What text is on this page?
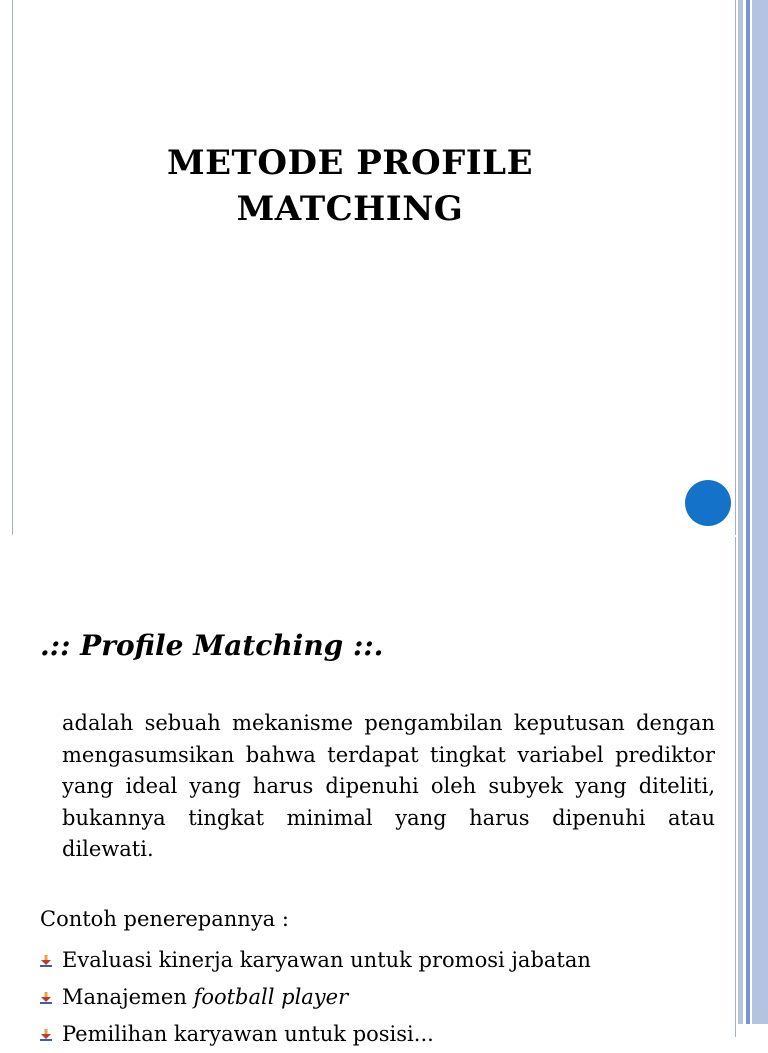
METODE PROFILE
MATCHING
.:: Profile Matching ::.
adalah sebuah mekanisme pengambilan keputusan dengan mengasumsikan bahwa terdapat tingkat variabel prediktor yang ideal yang harus dipenuhi oleh subyek yang diteliti, bukannya tingkat minimal yang harus dipenuhi atau dilewati.
Contoh penerepannya :
Evaluasi kinerja karyawan untuk promosi jabatan
Manajemen football player
Pemilihan karyawan untuk posisi...
